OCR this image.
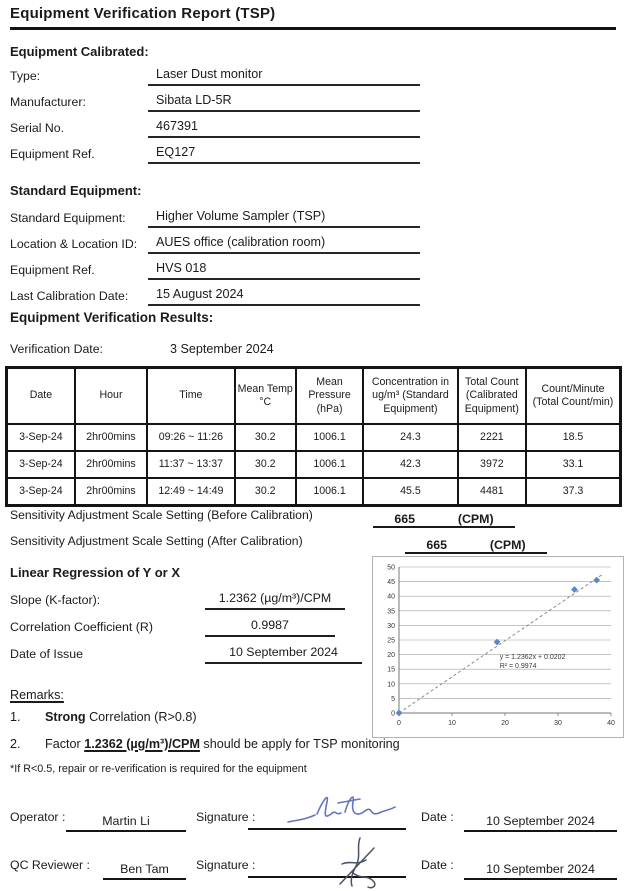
Equipment Verification Report (TSP)
Equipment Calibrated:
Type:	Laser Dust monitor
Manufacturer:	Sibata LD-5R
Serial No.	467391
Equipment Ref.	EQ127
Standard Equipment:
Standard Equipment:	Higher Volume Sampler (TSP)
Location & Location ID:	AUES office (calibration room)
Equipment Ref.	HVS 018
Last Calibration Date:	15 August 2024
Equipment Verification Results:
Verification Date:	3 September 2024
Date	Hour	Time	Mean Temp °C	Mean Pressure (hPa)	Concentration in ug/m³ (Standard Equipment)	Total Count (Calibrated Equipment)	Count/Minute (Total Count/min)
3-Sep-24	2hr00mins	09:26 ~ 11:26	30.2	1006.1	24.3	2221	18.5
3-Sep-24	2hr00mins	11:37 ~ 13:37	30.2	1006.1	42.3	3972	33.1
3-Sep-24	2hr00mins	12:49 ~ 14:49	30.2	1006.1	45.5	4481	37.3
Sensitivity Adjustment Scale Setting (Before Calibration)	665	(CPM)
Sensitivity Adjustment Scale Setting (After Calibration)	665	(CPM)
Linear Regression of Y or X
Slope (K-factor):	1.2362 (µg/m³)/CPM
Correlation Coefficient (R)	0.9987
Date of Issue	10 September 2024
0
5
10
15
20
25
30
35
40
45
50
0	10	20	30	40
y = 1.2362x + 0.0202
R² = 0.9974
Remarks:
1. Strong Correlation (R>0.8)
2. Factor 1.2362 (µg/m³)/CPM should be apply for TSP monitoring
*If R<0.5, repair or re-verification is required for the equipment
Operator :	Martin Li	Signature :	Date :	10 September 2024
QC Reviewer : Ben Tam Signature :	Date :	10 September 2024
